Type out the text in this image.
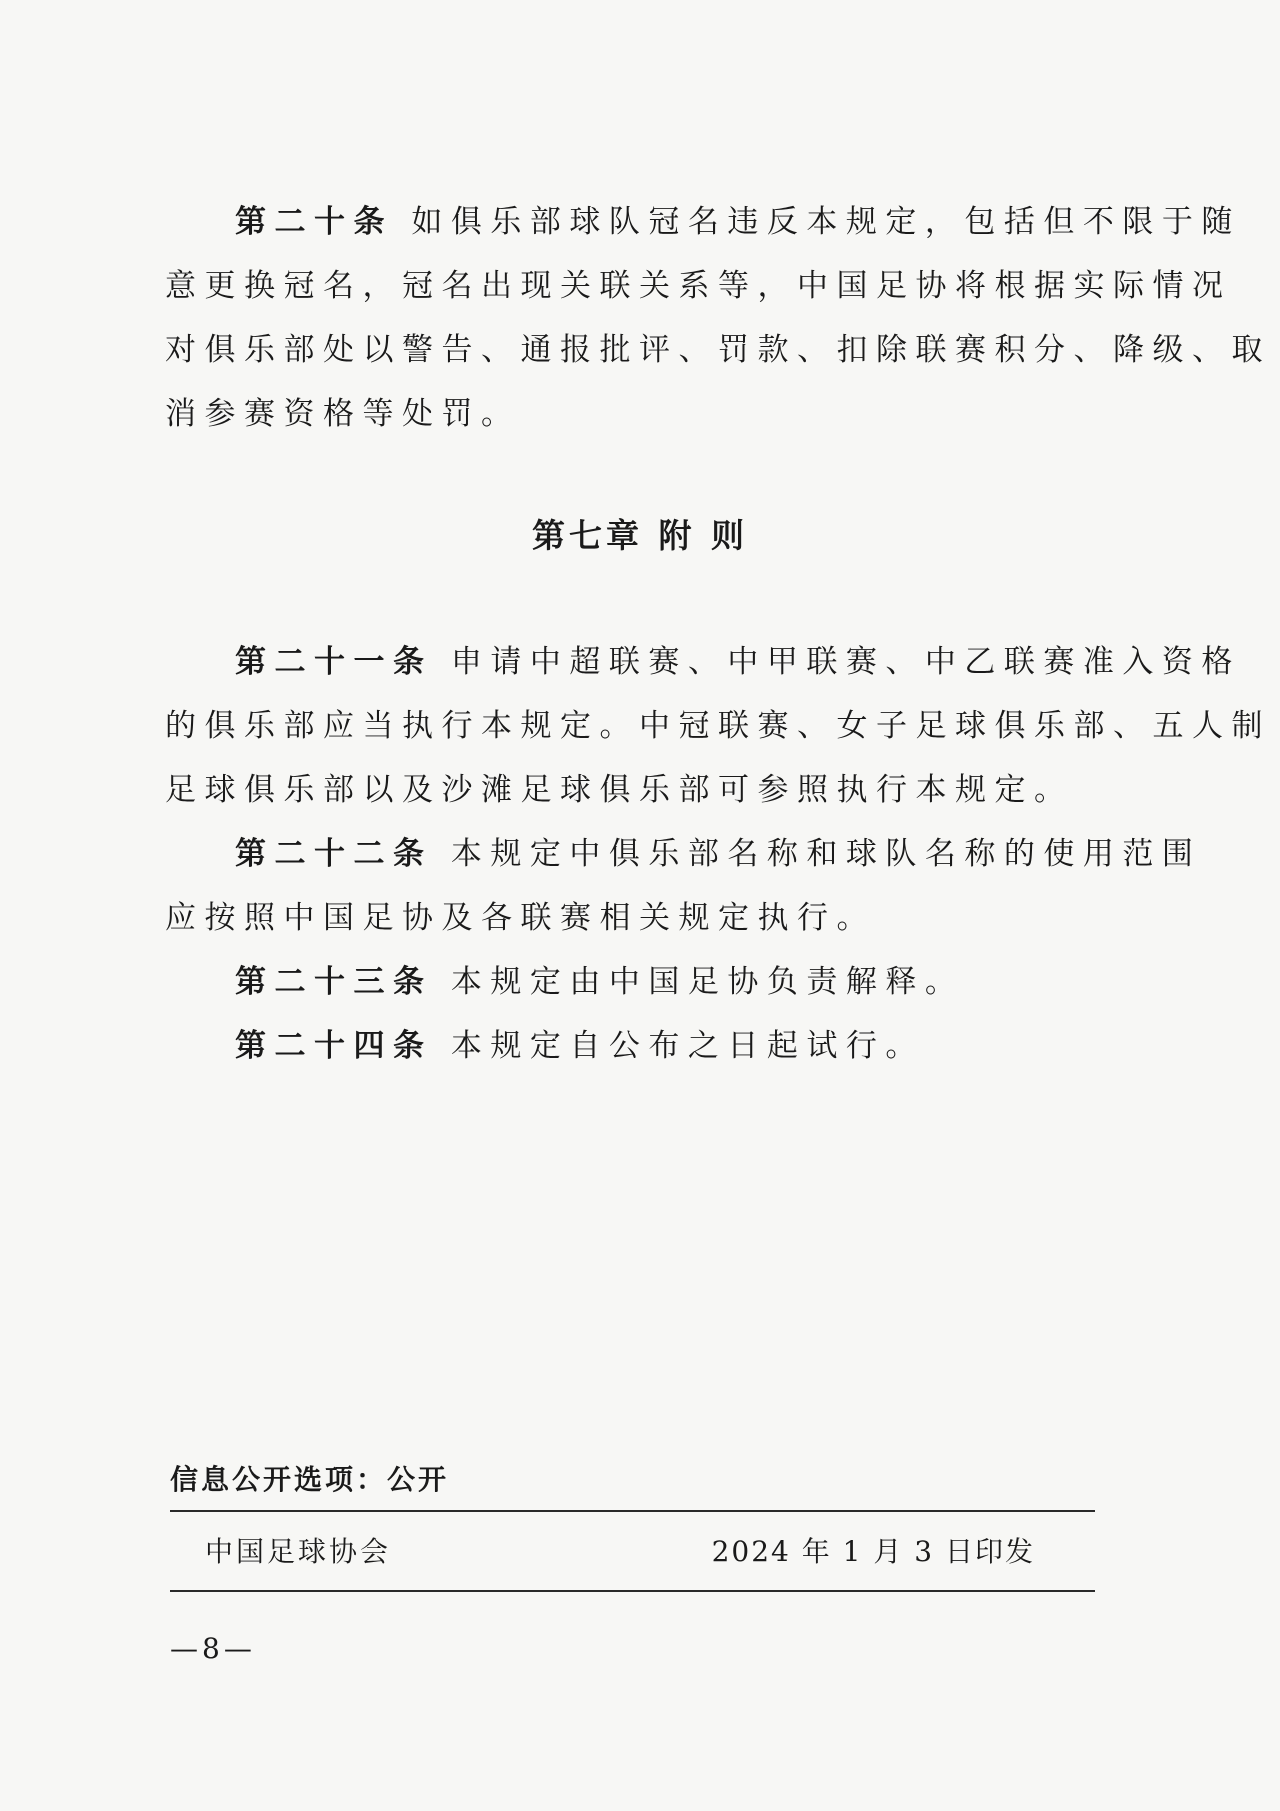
第二十条 如俱乐部球队冠名违反本规定，包括但不限于随
意更换冠名，冠名出现关联关系等，中国足协将根据实际情况
对俱乐部处以警告、通报批评、罚款、扣除联赛积分、降级、取
消参赛资格等处罚。
第七章 附 则
第二十一条 申请中超联赛、中甲联赛、中乙联赛准入资格
的俱乐部应当执行本规定。中冠联赛、女子足球俱乐部、五人制
足球俱乐部以及沙滩足球俱乐部可参照执行本规定。
第二十二条 本规定中俱乐部名称和球队名称的使用范围
应按照中国足协及各联赛相关规定执行。
第二十三条 本规定由中国足协负责解释。
第二十四条 本规定自公布之日起试行。
信息公开选项：公开
中国足球协会	2024 年 1 月 3 日印发
—8—
